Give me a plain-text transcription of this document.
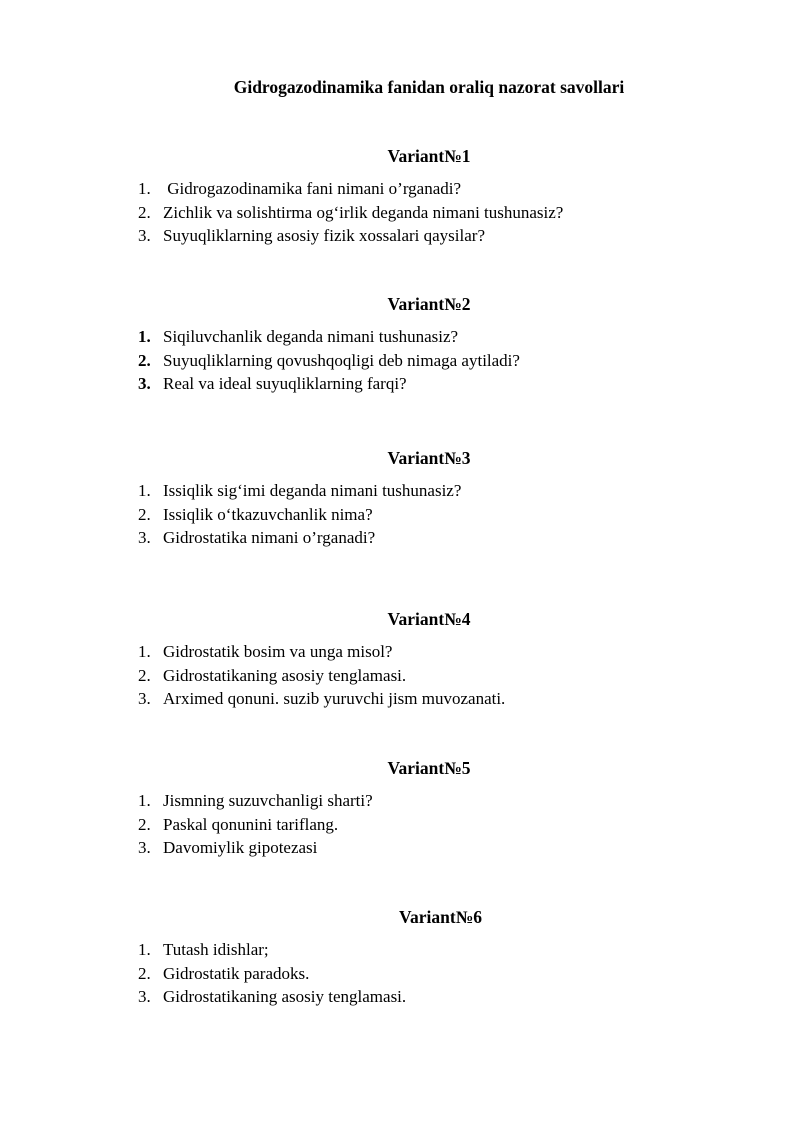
Gidrogazodinamika fanidan oraliq nazorat savollari
Variant№1
1. Gidrogazodinamika fani nimani o’rganadi?
2. Zichlik va solishtirma og‘irlik deganda nimani tushunasiz?
3. Suyuqliklarning asosiy fizik xossalari qaysilar?
Variant№2
1. Siqiluvchanlik deganda nimani tushunasiz?
2. Suyuqliklarning qovushqoqligi deb nimaga aytiladi?
3. Real va ideal suyuqliklarning farqi?
Variant№3
1. Issiqlik sig‘imi deganda nimani tushunasiz?
2. Issiqlik o‘tkazuvchanlik nima?
3. Gidrostatika nimani o’rganadi?
Variant№4
1. Gidrostatik bosim va unga misol?
2. Gidrostatikaning asosiy tenglamasi.
3. Arximed qonuni. suzib yuruvchi jism muvozanati.
Variant№5
1. Jismning suzuvchanligi sharti?
2. Paskal qonunini tariflang.
3. Davomiylik gipotezasi
Variant№6
1. Tutash idishlar;
2. Gidrostatik paradoks.
3. Gidrostatikaning asosiy tenglamasi.
